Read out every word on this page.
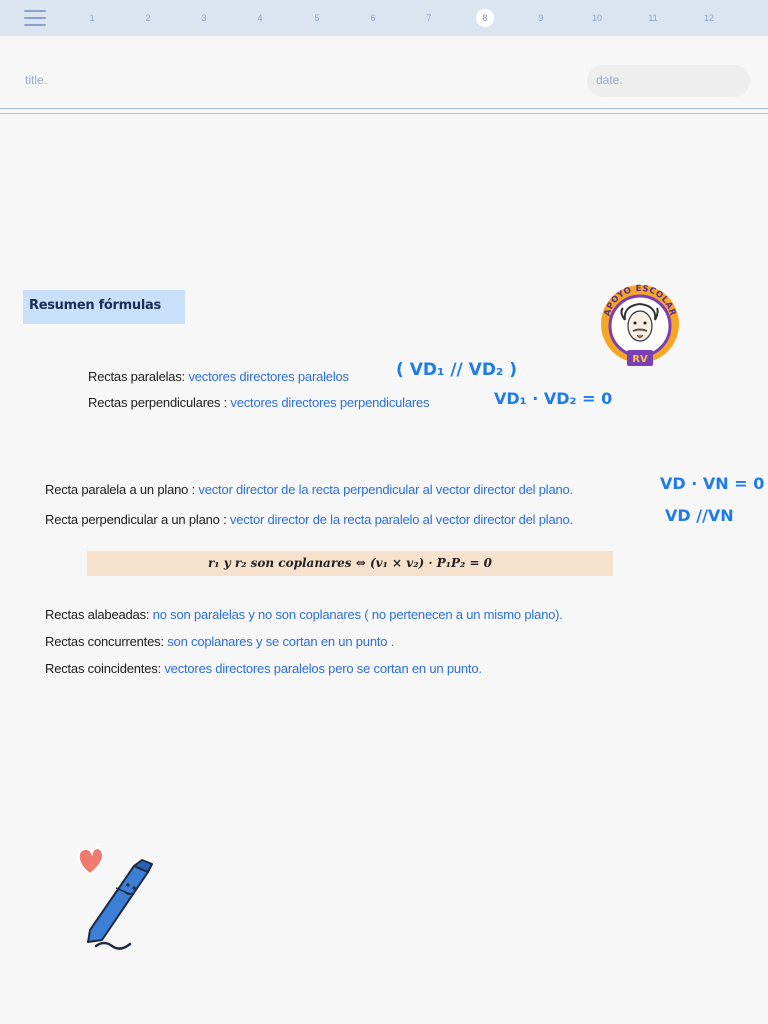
1	2	3	4	5	6	7	8	9	10	11	12
title.	date.
Resumen fórmulas	APOYO ESCOLAR
RV
Rectas paralelas: vectores directores paralelos	( VD₁ // VD₂ )
Rectas perpendiculares : vectores directores perpendiculares	VD₁ · VD₂ = 0
Recta paralela a un plano : vector director de la recta perpendicular al vector director del plano.	VD · VN = 0
Recta perpendicular a un plano : vector director de la recta paralelo al vector director del plano.	VD //VN
r₁ y r₂ son coplanares ⇔ (v₁ × v₂) · P₁P₂ = 0
Rectas alabeadas: no son paralelas y no son coplanares ( no pertenecen a un mismo plano).
Rectas concurrentes: son coplanares y se cortan en un punto .
Rectas coincidentes: vectores directores paralelos pero se cortan en un punto.
